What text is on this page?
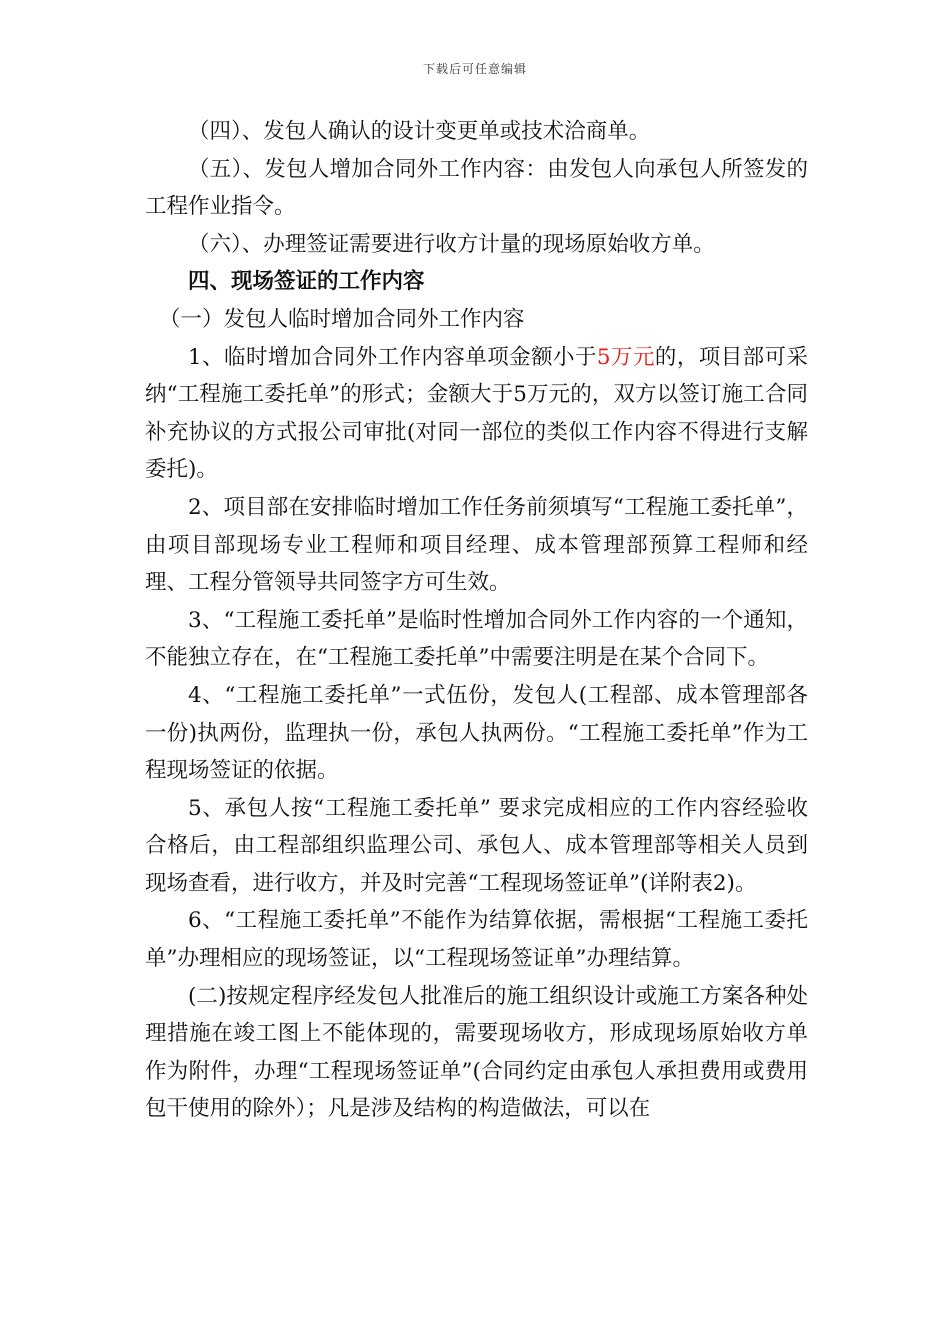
下载后可任意编辑

（四）、发包人确认的设计变更单或技术洽商单。

（五）、发包人增加合同外工作内容：由发包人向承包人所签发的工程作业指令。

（六）、办理签证需要进行收方计量的现场原始收方单。

四、现场签证的工作内容

（一）发包人临时增加合同外工作内容

1、临时增加合同外工作内容单项金额小于5万元的，项目部可采纳“工程施工委托单”的形式；金额大于5万元的，双方以签订施工合同补充协议的方式报公司审批(对同一部位的类似工作内容不得进行支解委托)。

2、项目部在安排临时增加工作任务前须填写“工程施工委托单”，由项目部现场专业工程师和项目经理、成本管理部预算工程师和经理、工程分管领导共同签字方可生效。

3、“工程施工委托单”是临时性增加合同外工作内容的一个通知，不能独立存在，在“工程施工委托单”中需要注明是在某个合同下。

4、“工程施工委托单”一式伍份，发包人(工程部、成本管理部各一份)执两份，监理执一份，承包人执两份。“工程施工委托单”作为工程现场签证的依据。

5、承包人按“工程施工委托单” 要求完成相应的工作内容经验收合格后，由工程部组织监理公司、承包人、成本管理部等相关人员到现场查看，进行收方，并及时完善“工程现场签证单”(详附表2)。

6、“工程施工委托单”不能作为结算依据，需根据“工程施工委托单”办理相应的现场签证，以“工程现场签证单”办理结算。

(二)按规定程序经发包人批准后的施工组织设计或施工方案各种处理措施在竣工图上不能体现的，需要现场收方，形成现场原始收方单作为附件，办理“工程现场签证单”(合同约定由承包人承担费用或费用包干使用的除外）；凡是涉及结构的构造做法，可以在
